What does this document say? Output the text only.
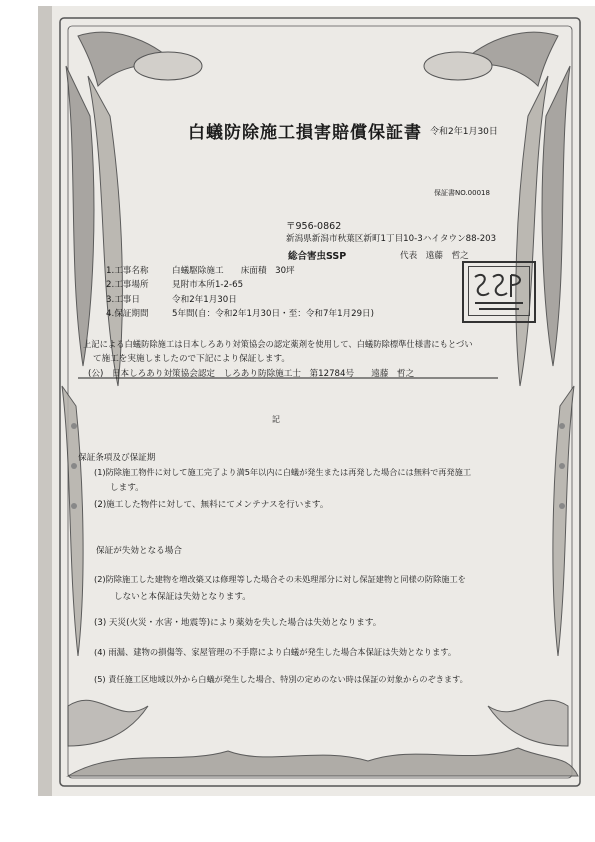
白蟻防除施工損害賠償保証書 令和2年1月30日
保証書NO.00018
〒956-0862
新潟県新潟市秋葉区新町1丁目10-3ハイタウン88-203
総合害虫SSP	代表　遠藤　哲之
1.工事名称	白蟻駆除施工　　床面積　30坪
2.工事場所	見附市本所1-2-65
3.工事日	令和2年1月30日
4.保証期間	5年間(自：令和2年1月30日・至：令和7年1月29日)
上記による白蟻防除施工は日本しろあり対策協会の認定薬剤を使用して、白蟻防除標準仕様書にもとづい
て施工を実施しましたので下記により保証します。
(公)　日本しろあり対策協会認定　しろあり防除施工士　第12784号　　遠藤　哲之
記
保証条項及び保証期
(1)防除施工物件に対して施工完了より満5年以内に白蟻が発生または再発した場合には無料で再発施工
します。
(2)施工した物件に対して、無料にてメンテナスを行います。
保証が失効となる場合
(2)防除施工した建物を増改築又は修理等した場合その未処理部分に対し保証建物と同様の防除施工を
しないと本保証は失効となります。
(3) 天災(火災・水害・地震等)により薬効を失した場合は失効となります。
(4) 雨漏、建物の損傷等、家屋管理の不手際により白蟻が発生した場合本保証は失効となります。
(5) 責任施工区地域以外から白蟻が発生した場合、特別の定めのない時は保証の対象からのぞきます。
